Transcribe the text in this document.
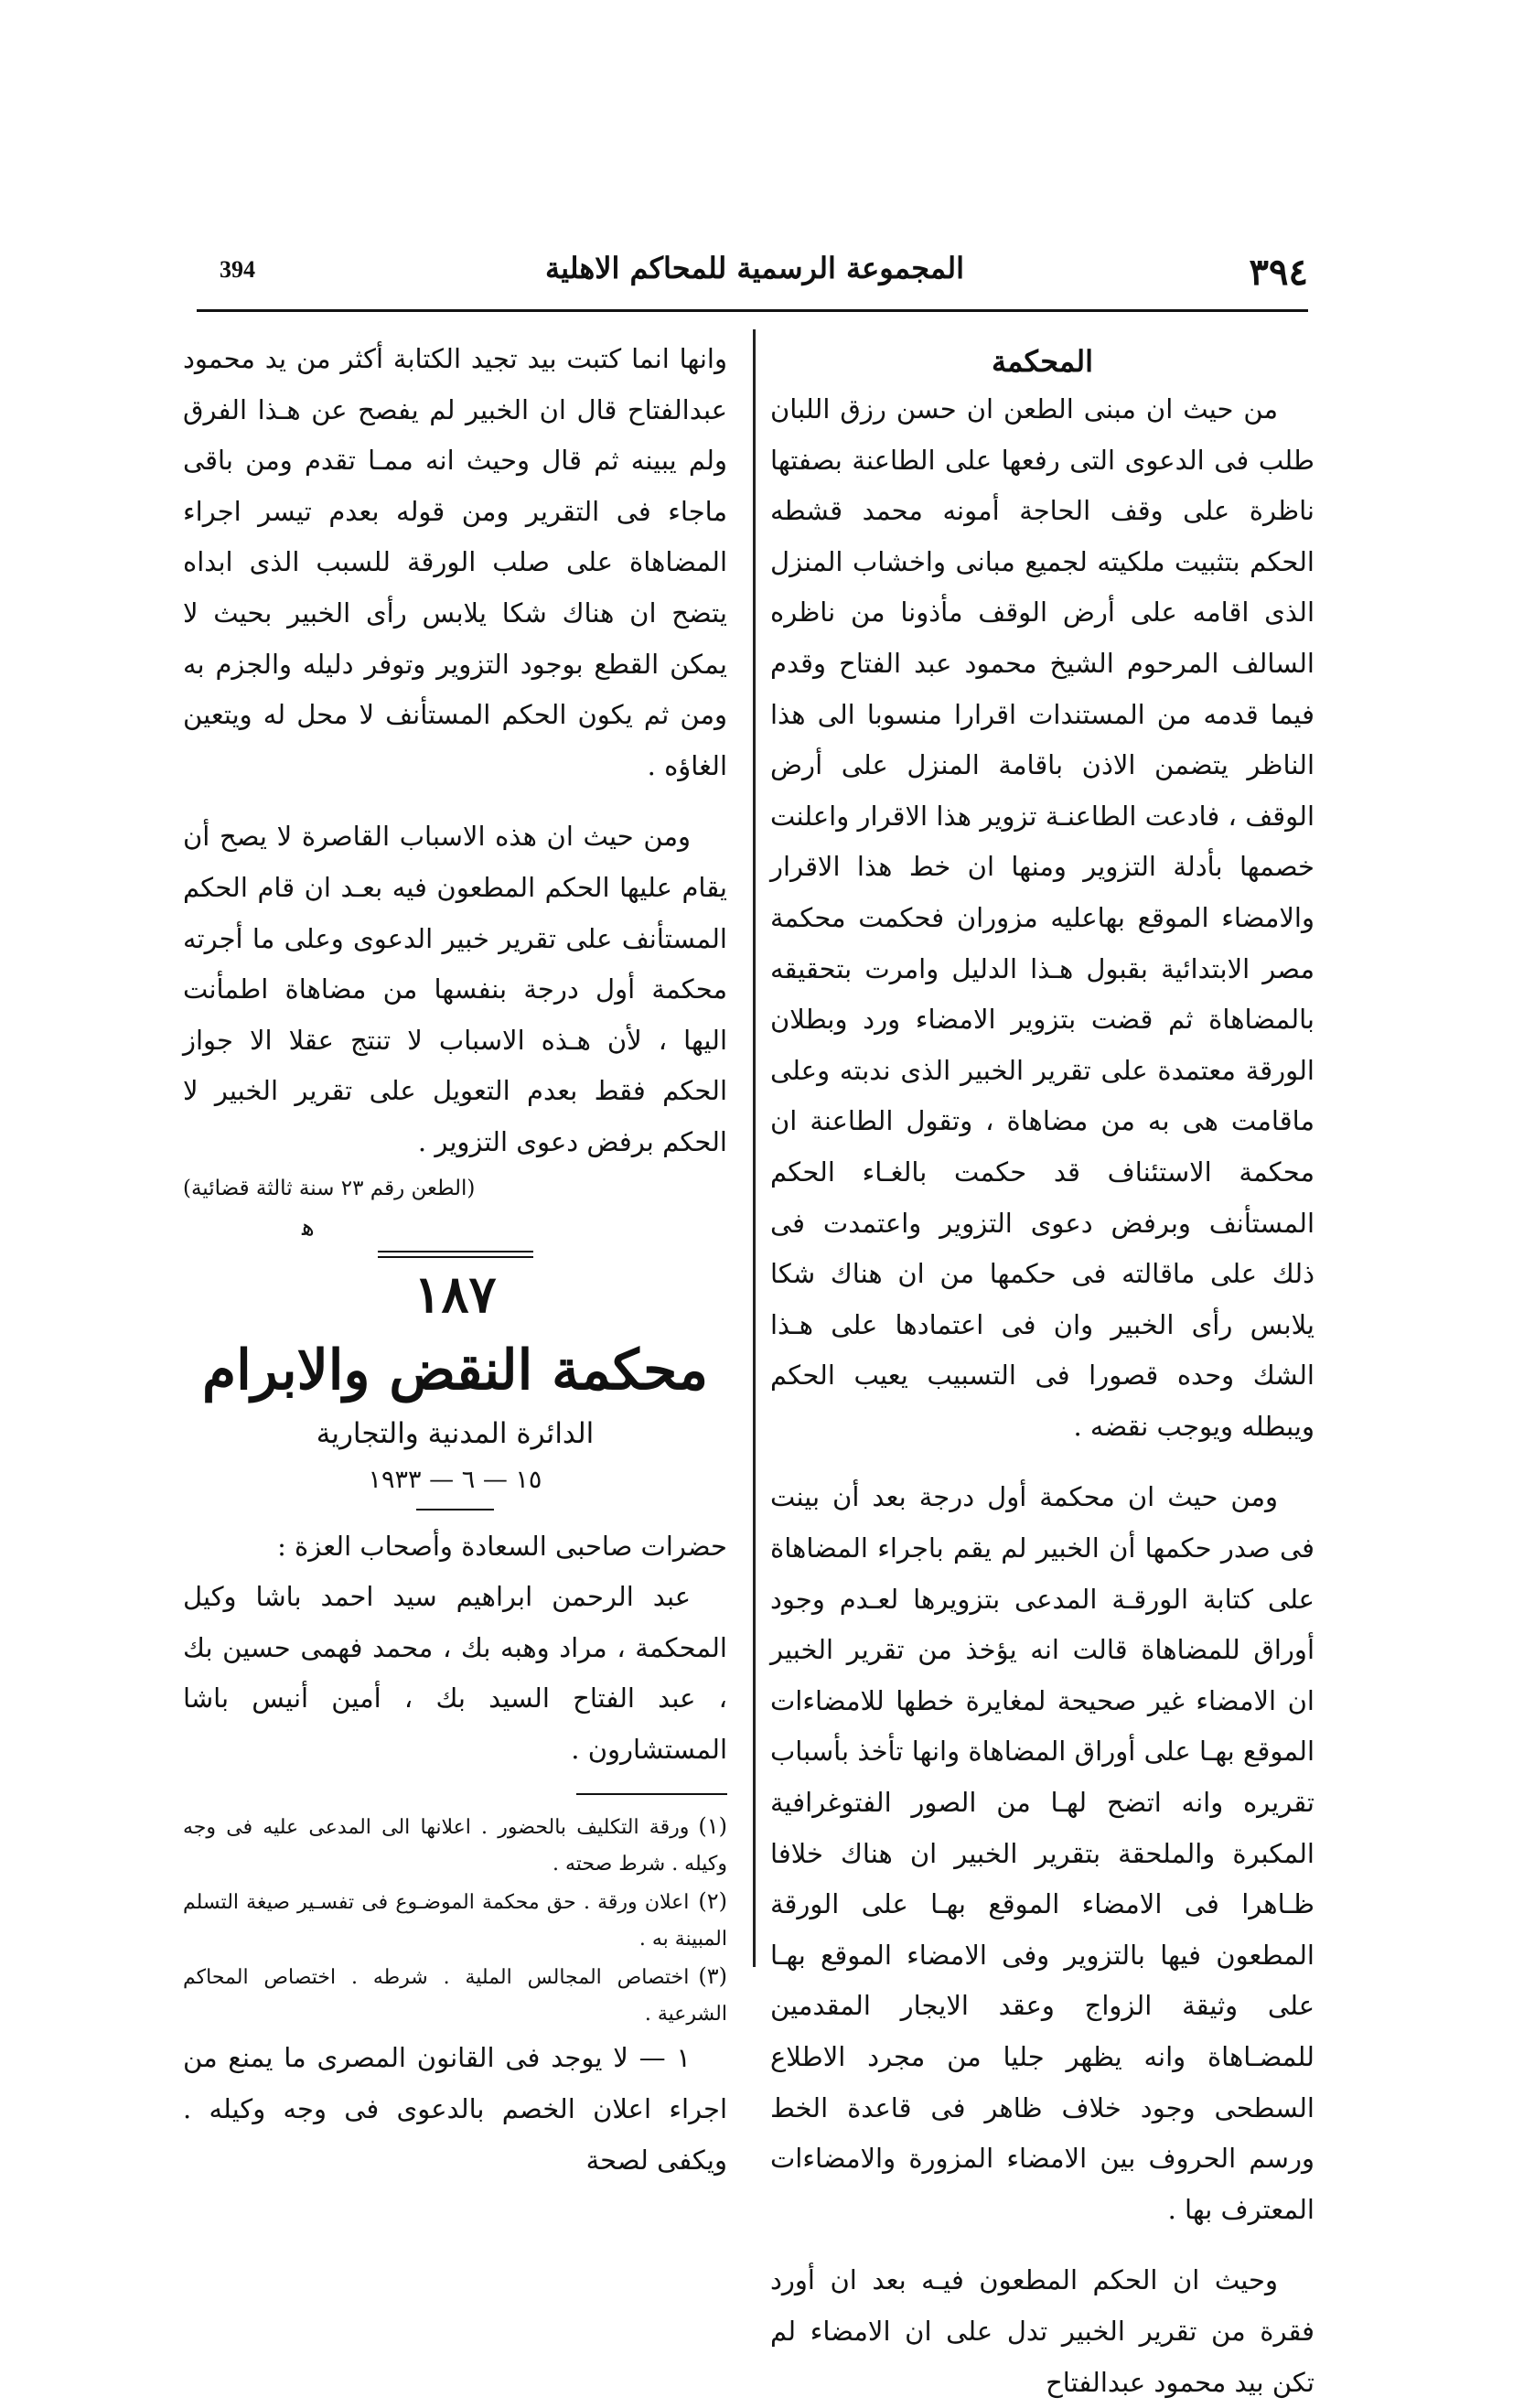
394	المجموعة الرسمية للمحاكم الاهلية	٣٩٤

المحكمة

من حيث ان مبنى الطعن ان حسن رزق اللبان طلب فى الدعوى التى رفعها على الطاعنة بصفتها ناظرة على وقف الحاجة أمونه محمد قشطه الحكم بتثبيت ملكيته لجميع مبانى واخشاب المنزل الذى اقامه على أرض الوقف مأذونا من ناظره السالف المرحوم الشيخ محمود عبد الفتاح وقدم فيما قدمه من المستندات اقرارا منسوبا الى هذا الناظر يتضمن الاذن باقامة المنزل على أرض الوقف ، فادعت الطاعنـة تزوير هذا الاقرار واعلنت خصمها بأدلة التزوير ومنها ان خط هذا الاقرار والامضاء الموقع بهاعليه مزوران فحكمت محكمة مصر الابتدائية بقبول هـذا الدليل وامرت بتحقيقه بالمضاهاة ثم قضت بتزوير الامضاء ورد وبطلان الورقة معتمدة على تقرير الخبير الذى ندبته وعلى ماقامت هى به من مضاهاة ، وتقول الطاعنة ان محكمة الاستئناف قد حكمت بالغـاء الحكم المستأنف وبرفض دعوى التزوير واعتمدت فى ذلك على ماقالته فى حكمها من ان هناك شكا يلابس رأى الخبير وان فى اعتمادها على هـذا الشك وحده قصورا فى التسبيب يعيب الحكم ويبطله ويوجب نقضه .

ومن حيث ان محكمة أول درجة بعد أن بينت فى صدر حكمها أن الخبير لم يقم باجراء المضاهاة على كتابة الورقـة المدعى بتزويرها لعـدم وجود أوراق للمضاهاة قالت انه يؤخذ من تقرير الخبير ان الامضاء غير صحيحة لمغايرة خطها للامضاءات الموقع بهـا على أوراق المضاهاة وانها تأخذ بأسباب تقريره وانه اتضح لهـا من الصور الفتوغرافية المكبرة والملحقة بتقرير الخبير ان هناك خلافا ظـاهرا فى الامضاء الموقع بهـا على الورقة المطعون فيها بالتزوير وفى الامضاء الموقع بهـا على وثيقة الزواج وعقد الايجار المقدمين للمضـاهاة وانه يظهر جليا من مجرد الاطلاع السطحى وجود خلاف ظاهر فى قاعدة الخط ورسم الحروف بين الامضاء المزورة والامضاءات المعترف بها .

وحيث ان الحكم المطعون فيـه بعد ان أورد فقرة من تقرير الخبير تدل على ان الامضاء لم تكن بيد محمود عبدالفتاح

وانها انما كتبت بيد تجيد الكتابة أكثر من يد محمود عبدالفتاح قال ان الخبير لم يفصح عن هـذا الفرق ولم يبينه ثم قال وحيث انه ممـا تقدم ومن باقى ماجاء فى التقرير ومن قوله بعدم تيسر اجراء المضاهاة على صلب الورقة للسبب الذى ابداه يتضح ان هناك شكا يلابس رأى الخبير بحيث لا يمكن القطع بوجود التزوير وتوفر دليله والجزم به ومن ثم يكون الحكم المستأنف لا محل له ويتعين الغاؤه .

ومن حيث ان هذه الاسباب القاصرة لا يصح أن يقام عليها الحكم المطعون فيه بعـد ان قام الحكم المستأنف على تقرير خبير الدعوى وعلى ما أجرته محكمة أول درجة بنفسها من مضاهاة اطمأنت اليها ، لأن هـذه الاسباب لا تنتج عقلا الا جواز الحكم فقط بعدم التعويل على تقرير الخبير لا الحكم برفض دعوى التزوير .

(الطعن رقم ٢٣ سنة ثالثة قضائية)

ﻫ

١٨٧

محكمة النقض والابرام

الدائرة المدنية والتجارية

١٥ — ٦ — ١٩٣٣

حضرات صاحبى السعادة وأصحاب العزة :

عبد الرحمن ابراهيم سيد احمد باشا وكيل المحكمة ، مراد وهبه بك ، محمد فهمى حسين بك ، عبد الفتاح السيد بك ، أمين أنيس باشا المستشارون .

(١)ورقة التكليف بالحضور . اعلانها الى المدعى عليه فى وجه وكيله . شرط صحته .

(٢)اعلان ورقة . حق محكمة الموضـوع فى تفسـير صيغة التسلم المبينة به .

(٣)اختصاص المجالس الملية . شرطه . اختصاص المحاكم الشرعية .

١ — لا يوجد فى القانون المصرى ما يمنع من اجراء اعلان الخصم بالدعوى فى وجه وكيله . ويكفى لصحة
